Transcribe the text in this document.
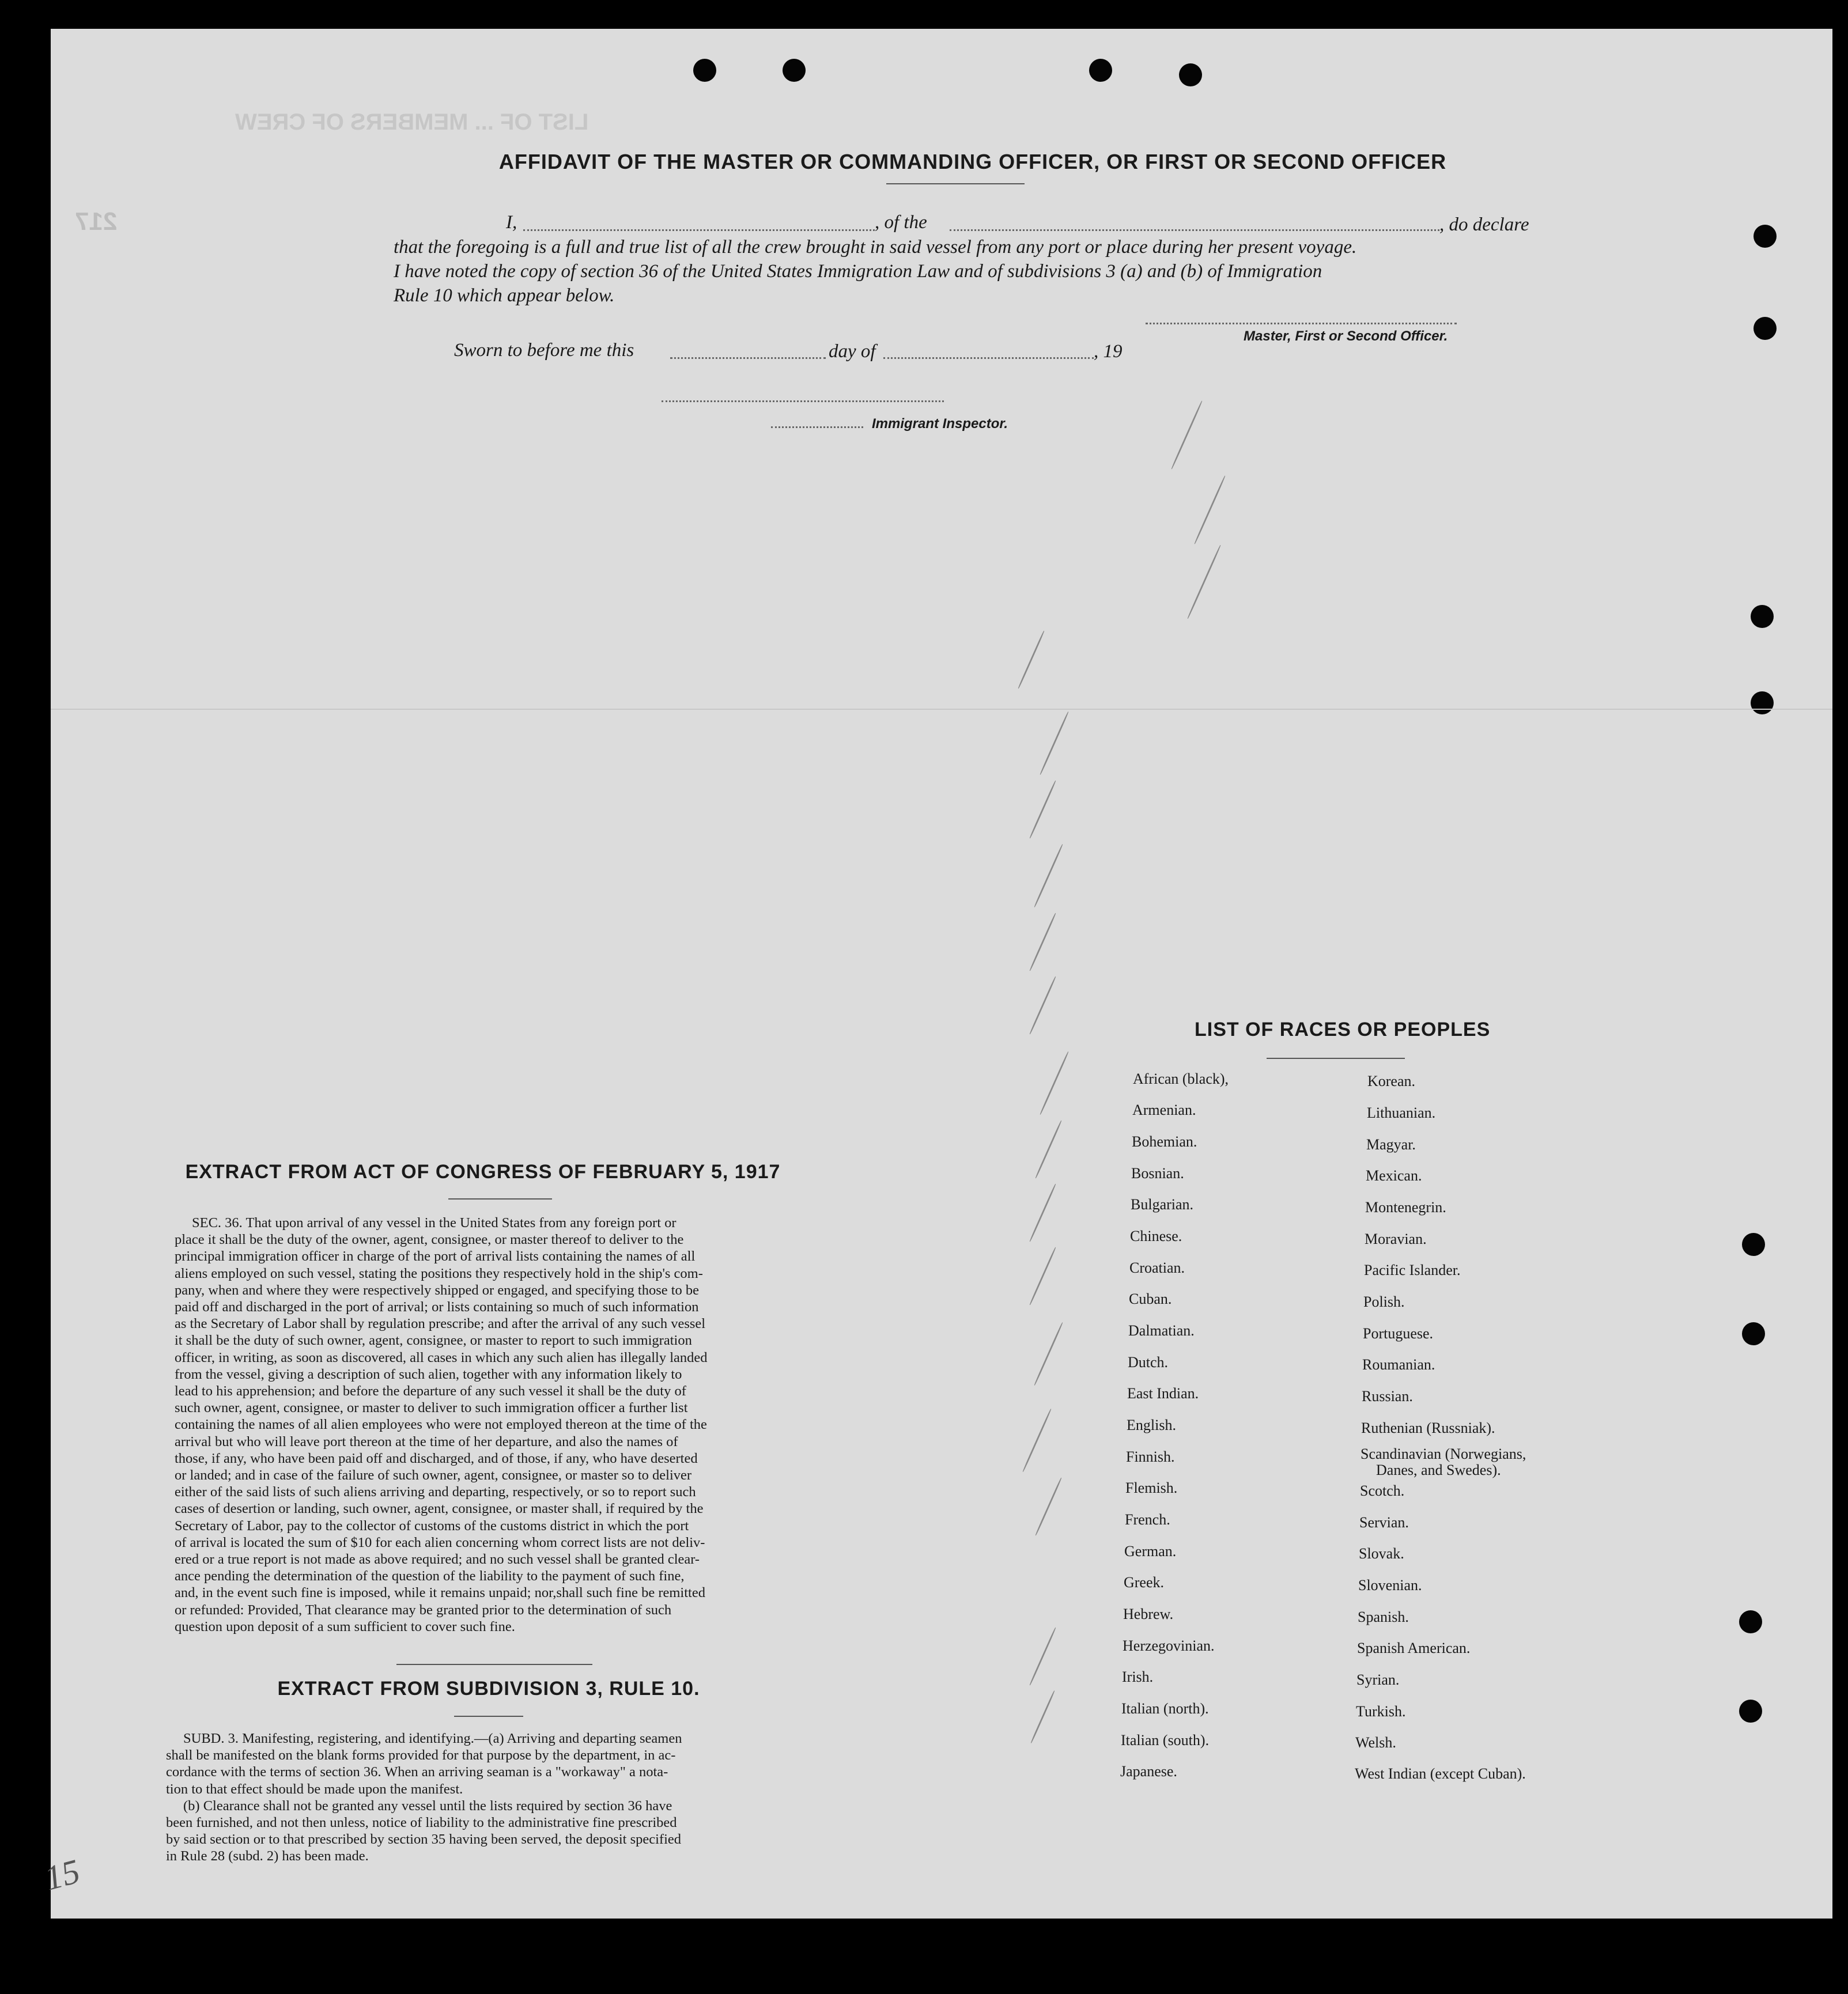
LIST OF ... MEMBERS OF CREW
217
AFFIDAVIT OF THE MASTER OR COMMANDING OFFICER, OR FIRST OR SECOND OFFICER
I,	, of the	, do declare
that the foregoing is a full and true list of all the crew brought in said vessel from any port or place during her present voyage.
I have noted the copy of section 36 of the United States Immigration Law and of subdivisions 3 (a) and (b) of Immigration
Rule 10 which appear below.
Master, First or Second Officer.
Sworn to before me this	day of	, 19
Immigrant Inspector.
EXTRACT FROM ACT OF CONGRESS OF FEBRUARY 5, 1917
SEC. 36. That upon arrival of any vessel in the United States from any foreign port or
place it shall be the duty of the owner, agent, consignee, or master thereof to deliver to the
principal immigration officer in charge of the port of arrival lists containing the names of all
aliens employed on such vessel, stating the positions they respectively hold in the ship's com-
pany, when and where they were respectively shipped or engaged, and specifying those to be
paid off and discharged in the port of arrival; or lists containing so much of such information
as the Secretary of Labor shall by regulation prescribe; and after the arrival of any such vessel
it shall be the duty of such owner, agent, consignee, or master to report to such immigration
officer, in writing, as soon as discovered, all cases in which any such alien has illegally landed
from the vessel, giving a description of such alien, together with any information likely to
lead to his apprehension; and before the departure of any such vessel it shall be the duty of
such owner, agent, consignee, or master to deliver to such immigration officer a further list
containing the names of all alien employees who were not employed thereon at the time of the
arrival but who will leave port thereon at the time of her departure, and also the names of
those, if any, who have been paid off and discharged, and of those, if any, who have deserted
or landed; and in case of the failure of such owner, agent, consignee, or master so to deliver
either of the said lists of such aliens arriving and departing, respectively, or so to report such
cases of desertion or landing, such owner, agent, consignee, or master shall, if required by the
Secretary of Labor, pay to the collector of customs of the customs district in which the port
of arrival is located the sum of $10 for each alien concerning whom correct lists are not deliv-
ered or a true report is not made as above required; and no such vessel shall be granted clear-
ance pending the determination of the question of the liability to the payment of such fine,
and, in the event such fine is imposed, while it remains unpaid; nor,shall such fine be remitted
or refunded: Provided, That clearance may be granted prior to the determination of such
question upon deposit of a sum sufficient to cover such fine.
EXTRACT FROM SUBDIVISION 3, RULE 10.
SUBD. 3. Manifesting, registering, and identifying.—(a) Arriving and departing seamen
shall be manifested on the blank forms provided for that purpose by the department, in ac-
cordance with the terms of section 36. When an arriving seaman is a "workaway" a nota-
tion to that effect should be made upon the manifest.
(b) Clearance shall not be granted any vessel until the lists required by section 36 have
been furnished, and not then unless, notice of liability to the administrative fine prescribed
by said section or to that prescribed by section 35 having been served, the deposit specified
in Rule 28 (subd. 2) has been made.
LIST OF RACES OR PEOPLES
African (black),
Armenian.
Bohemian.
Bosnian.
Bulgarian.
Chinese.
Croatian.
Cuban.
Dalmatian.
Dutch.
East Indian.
English.
Finnish.
Flemish.
French.
German.
Greek.
Hebrew.
Herzegovinian.
Irish.
Italian (north).
Italian (south).
Japanese.
Korean.
Lithuanian.
Magyar.
Mexican.
Montenegrin.
Moravian.
Pacific Islander.
Polish.
Portuguese.
Roumanian.
Russian.
Ruthenian (Russniak).
Scandinavian (Norwegians,
Danes, and Swedes).
Scotch.
Servian.
Slovak.
Slovenian.
Spanish.
Spanish American.
Syrian.
Turkish.
Welsh.
West Indian (except Cuban).
15
